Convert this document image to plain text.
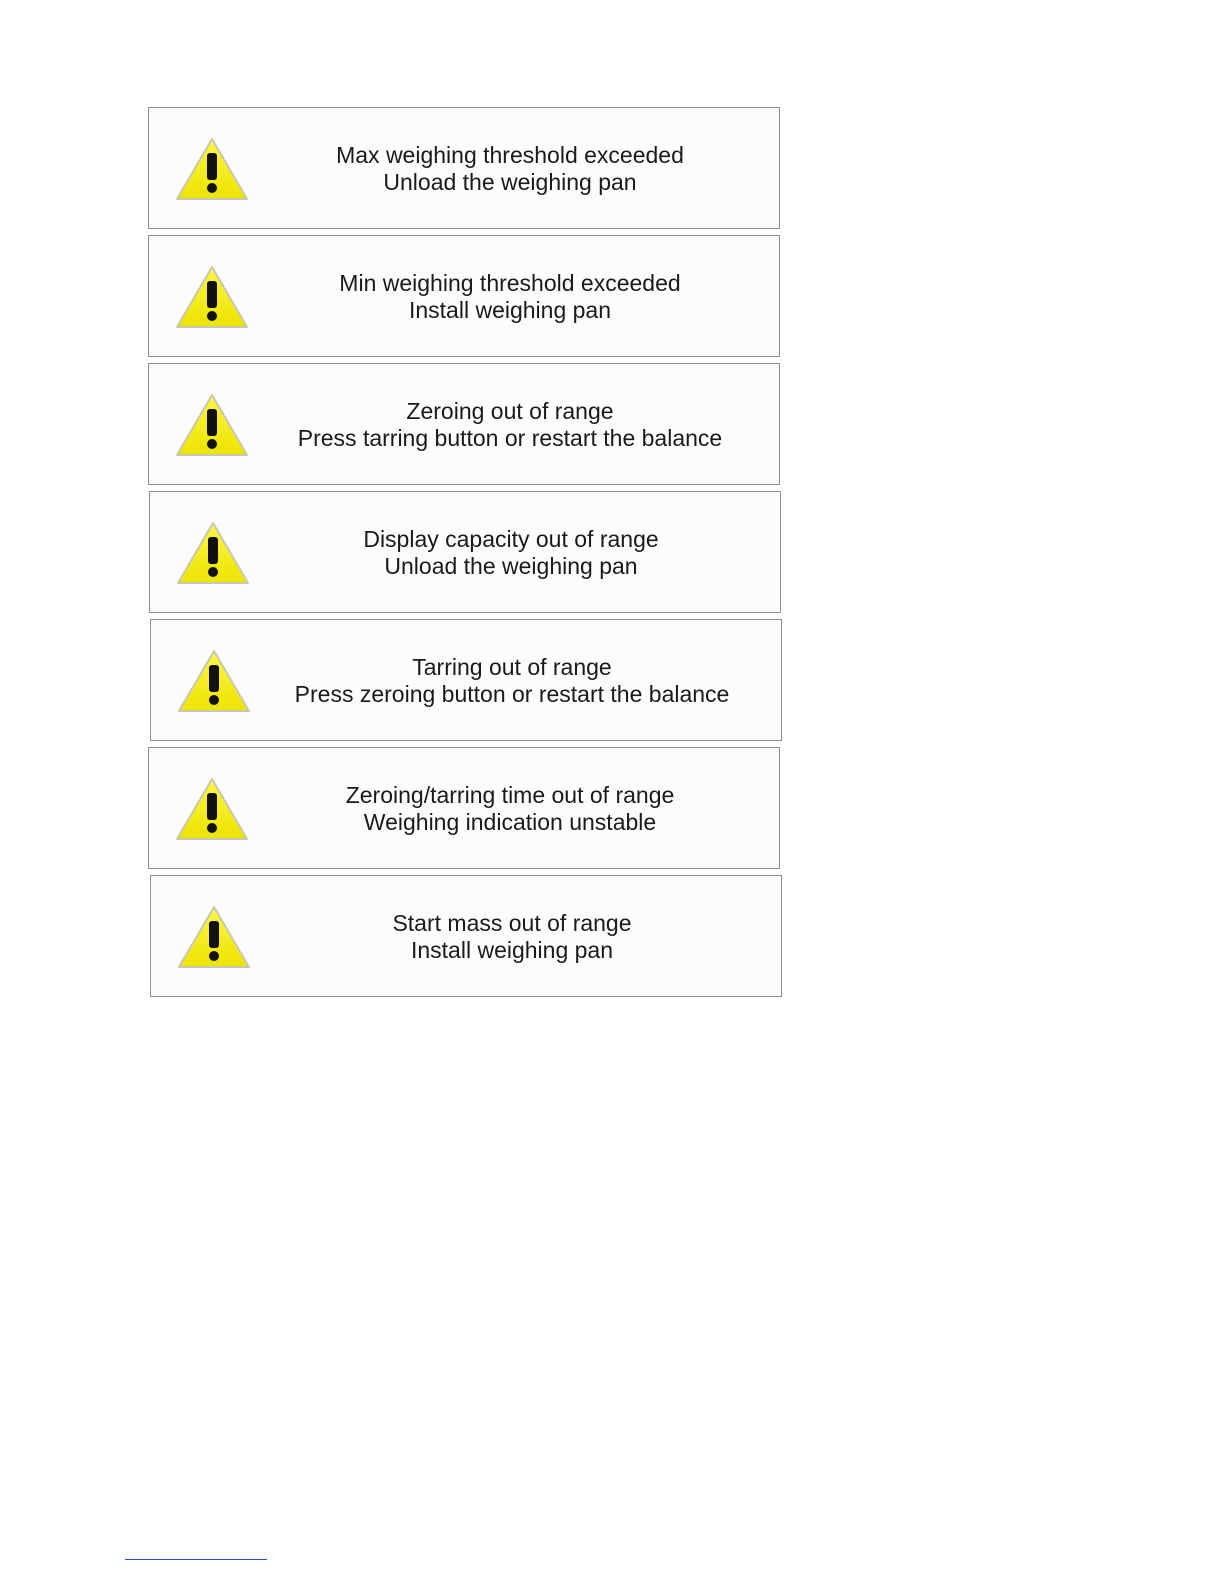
Max weighing threshold exceeded
Unload the weighing pan
Min weighing threshold exceeded
Install weighing pan
Zeroing out of range
Press tarring button or restart the balance
Display capacity out of range
Unload the weighing pan
Tarring out of range
Press zeroing button or restart the balance
Zeroing/tarring time out of range
Weighing indication unstable
Start mass out of range
Install weighing pan
